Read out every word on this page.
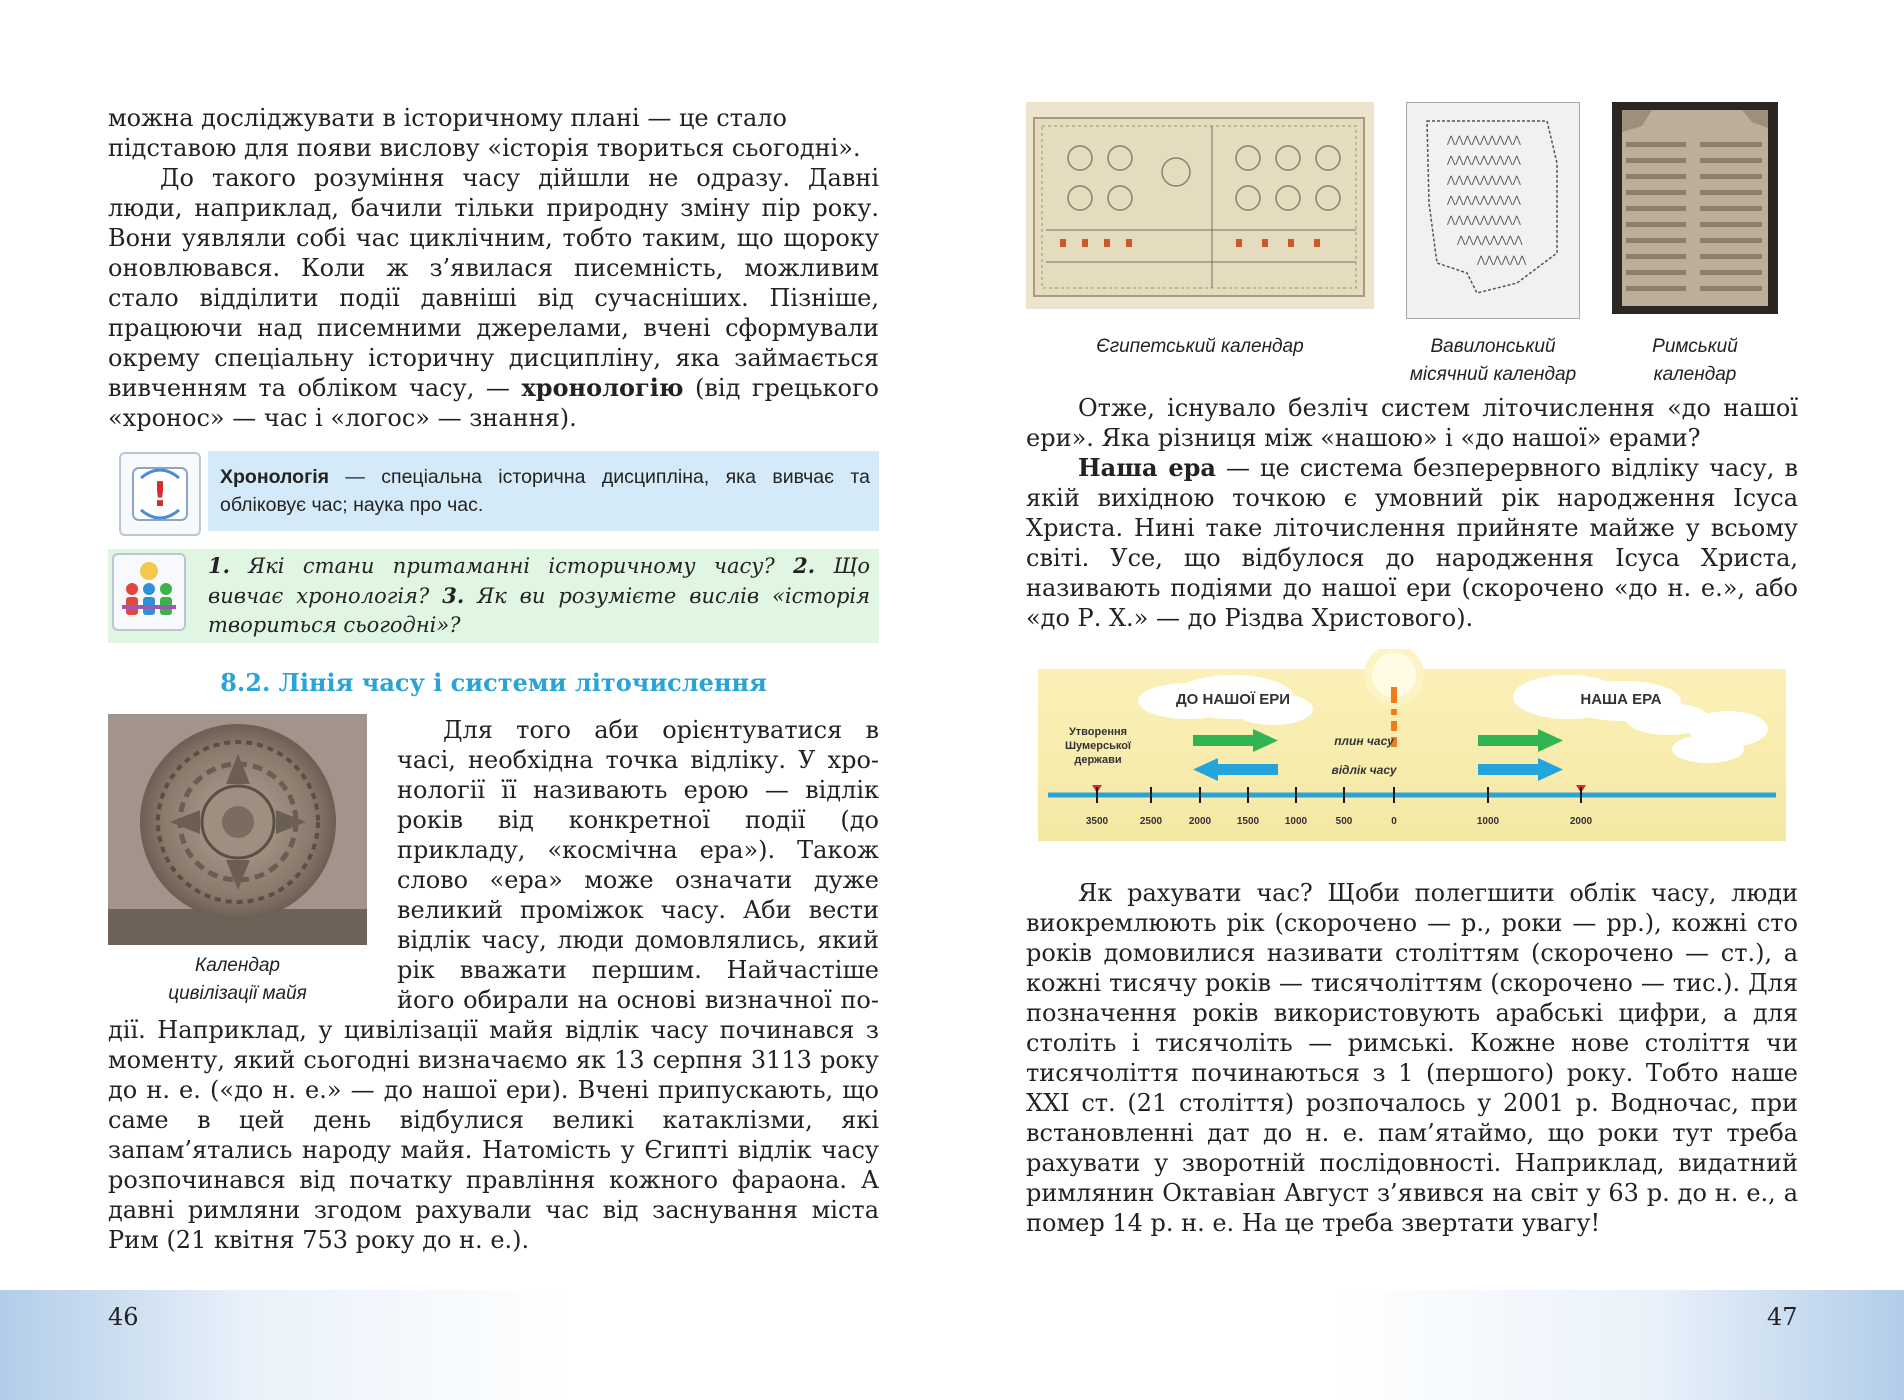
можна досліджувати в історичному плані — це стало

підставою для появи вислову «історія твориться сьогодні».

До такого розуміння часу дійшли не одразу. Давні люди, наприклад, бачили тільки природну зміну пір року. Вони уявляли собі час циклічним, тобто таким, що щороку оновлювався. Коли ж з’явилася писемність, можливим стало відділити події давніші від сучасніших. Пізніше, працюючи над писемними джерелами, вчені сформували окрему спеціальну історичну дисципліну, яка займається вивченням та обліком часу, — хронологію (від грецького «хронос» — час і «логос» — знання).

!	Хронологія — спеціальна історична дисципліна, яка вивчає та обліковує час; наука про час.
1. Які стани притаманні історичному часу? 2. Що вивчає хронологія? 3. Як ви розумієте вислів «історія твориться сьогодні»?
8.2. Лінія часу і системи літочислення
Календар
цивілізації майя

Для того аби орієнтуватися в

часі, необхідна точка відліку. У хро-

нології її називають ерою — відлік

років від конкретної події (до

прикладу, «космічна ера»). Також

слово «ера» може означати дуже

великий проміжок часу. Аби вести

відлік часу, люди домовлялись, який

рік вважати першим. Найчастіше

його обирали на основі визначної по-

дії. Наприклад, у цивілізації майя відлік часу починався з моменту, який сьогодні визначаємо як 13 серпня 3113 року до н. е. («до н. е.» — до нашої ери). Вчені припускають, що саме в цей день відбулися великі катаклізми, які запам’ятались народу майя. Натомість у Єгипті відлік часу розпочинався від початку правління кожного фараона. А давні римляни згодом рахували час від заснування міста Рим (21 квітня 753 року до н. е.).

46
⋀⋀⋀⋀⋀⋀⋀⋀⋀
⋀⋀⋀⋀⋀⋀⋀⋀⋀
⋀⋀⋀⋀⋀⋀⋀⋀⋀
⋀⋀⋀⋀⋀⋀⋀⋀⋀
⋀⋀⋀⋀⋀⋀⋀⋀⋀
⋀⋀⋀⋀⋀⋀⋀⋀
⋀⋀⋀⋀⋀⋀
Єгипетський календар	Вавилонський
місячний календар
Римський
календар

Отже, існувало безліч систем літочислення «до нашої ери». Яка різниця між «нашою» і «до нашої» ерами?

Наша ера — це система безперервного відліку часу, в якій вихідною точкою є умовний рік народження Ісуса Христа. Нині таке літочислення прийняте майже у всьому світі. Усе, що відбулося до народження Ісуса Христа, називають подіями до нашої ери (скорочено «до н. е.», або «до Р. Х.» — до Різдва Христового).

ДО НАШОЇ ЕРИ	НАША ЕРА
плин часу
відлік часу
Утворення
Шумерської
держави
3500	2500	2000	1500	1000	500	0	1000	2000

Як рахувати час? Щоби полегшити облік часу, люди виокремлюють рік (скорочено — р., роки — рр.), кожні сто років домовилися називати століттям (скорочено — ст.), а кожні тисячу років — тисячоліттям (скорочено — тис.). Для позначення років використовують арабські цифри, а для століть і тисячоліть — римські. Кожне нове століття чи тисячоліття починаються з 1 (першого) року. Тобто наше XXI ст. (21 століття) розпочалось у 2001 р. Водночас, при встановленні дат до н. е. пам’ятаймо, що роки тут треба рахувати у зворотній послідовності. Наприклад, видатний римлянин Октавіан Август з’явився на світ у 63 р. до н. е., а помер 14 р. н. е. На це треба звертати увагу!

47
